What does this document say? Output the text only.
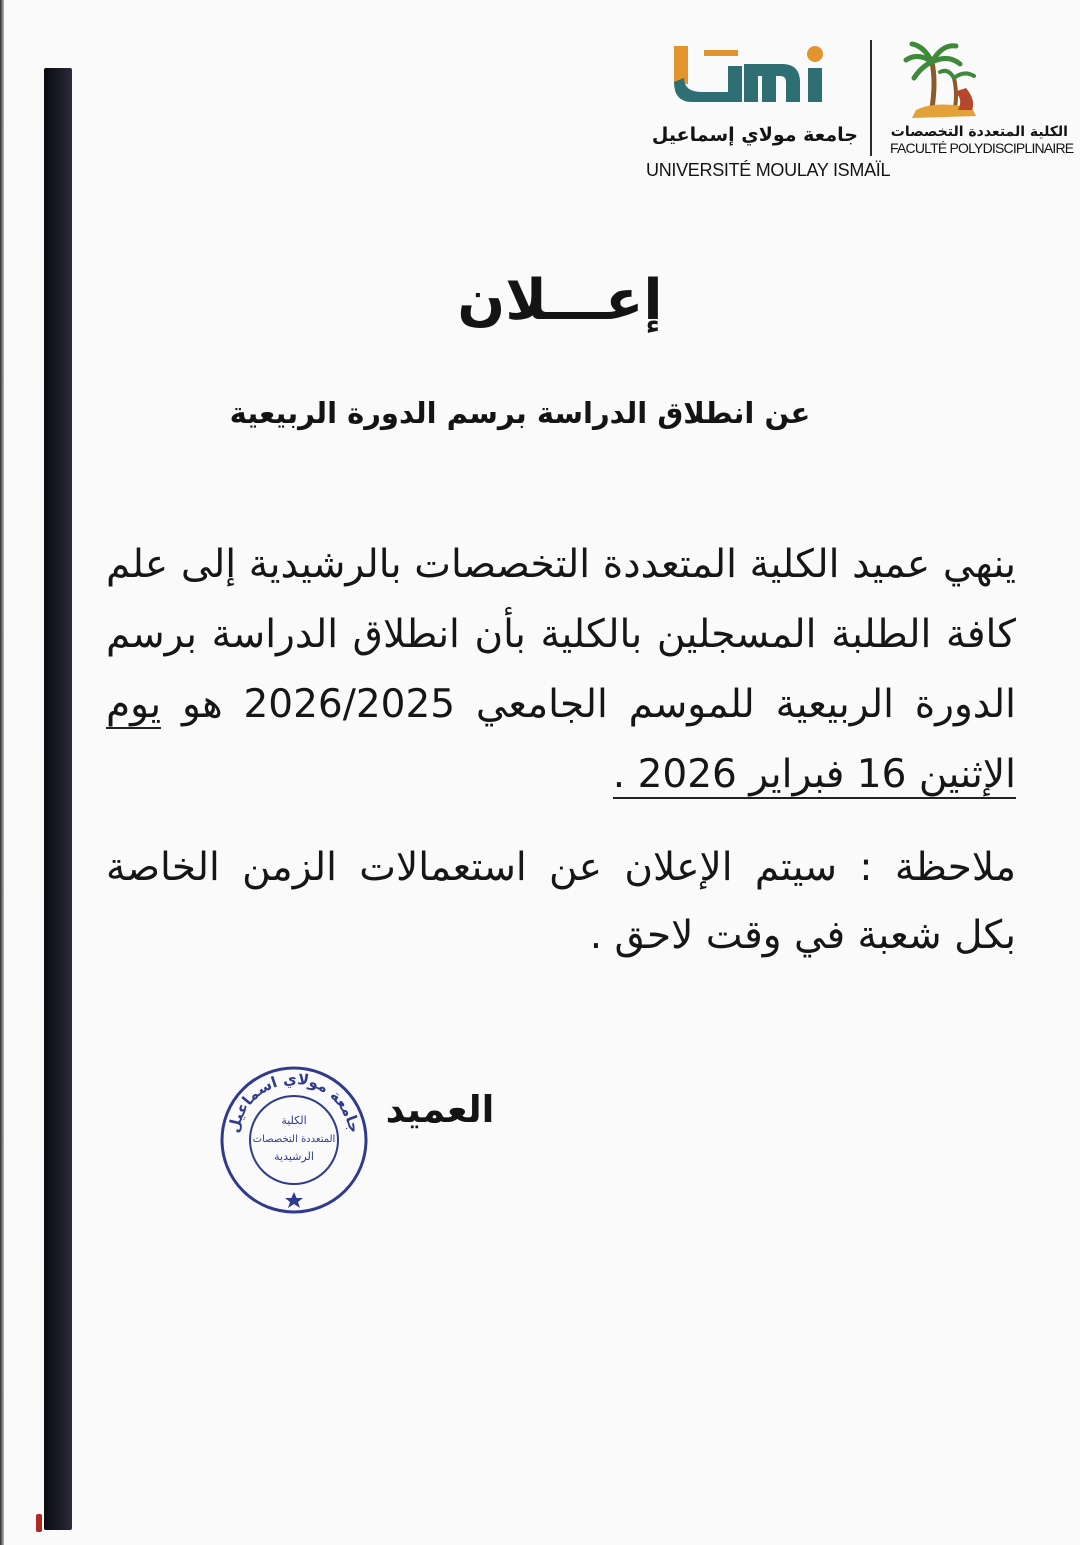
جامعة مولاي إسماعيل
UNIVERSITÉ MOULAY ISMAÏL
الكلية المتعددة التخصصات
FACULTÉ POLYDISCIPLINAIRE
إعـــلان
عن انطلاق الدراسة برسم الدورة الربيعية

ينهي عميد الكلية المتعددة التخصصات بالرشيدية إلى علم كافة الطلبة المسجلين بالكلية بأن انطلاق الدراسة برسم الدورة الربيعية للموسم الجامعي 2026/2025 هو يوم الإثنين 16 فبراير 2026 .

ملاحظة : سيتم الإعلان عن استعمالات الزمن الخاصة بكل شعبة في وقت لاحق .

العميد
جامعة مولاي اسماعيل
الكلية
المتعددة التخصصات
الرشيدية
